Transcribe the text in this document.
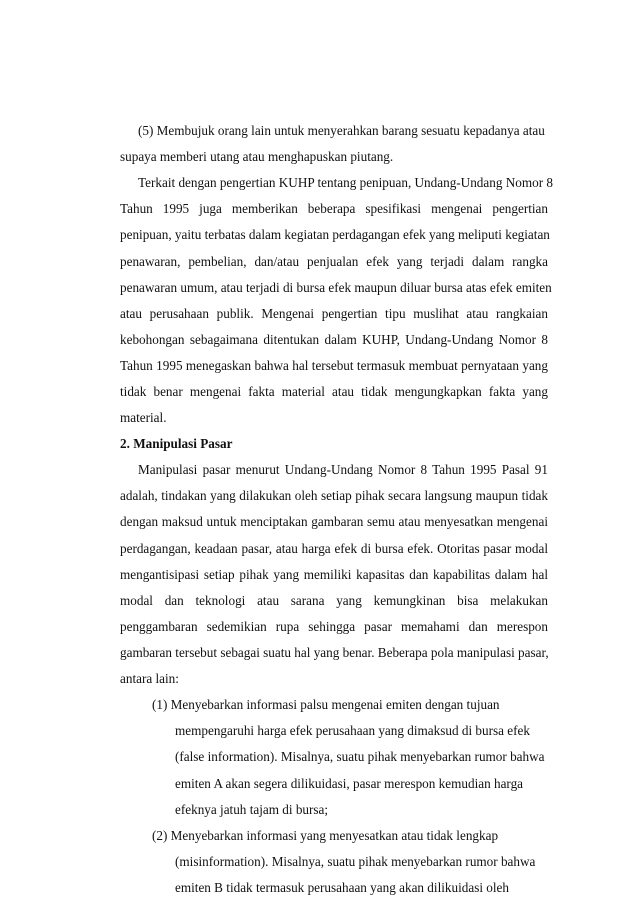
(5) Membujuk orang lain untuk menyerahkan barang sesuatu kepadanya atau

supaya memberi utang atau menghapuskan piutang.

Terkait dengan pengertian KUHP tentang penipuan, Undang-Undang Nomor 8

Tahun 1995 juga memberikan beberapa spesifikasi mengenai pengertian

penipuan, yaitu terbatas dalam kegiatan perdagangan efek yang meliputi kegiatan

penawaran, pembelian, dan/atau penjualan efek yang terjadi dalam rangka

penawaran umum, atau terjadi di bursa efek maupun diluar bursa atas efek emiten

atau perusahaan publik. Mengenai pengertian tipu muslihat atau rangkaian

kebohongan sebagaimana ditentukan dalam KUHP, Undang-Undang Nomor 8

Tahun 1995 menegaskan bahwa hal tersebut termasuk membuat pernyataan yang

tidak benar mengenai fakta material atau tidak mengungkapkan fakta yang

material.

2. Manipulasi Pasar

Manipulasi pasar menurut Undang-Undang Nomor 8 Tahun 1995 Pasal 91

adalah, tindakan yang dilakukan oleh setiap pihak secara langsung maupun tidak

dengan maksud untuk menciptakan gambaran semu atau menyesatkan mengenai

perdagangan, keadaan pasar, atau harga efek di bursa efek. Otoritas pasar modal

mengantisipasi setiap pihak yang memiliki kapasitas dan kapabilitas dalam hal

modal dan teknologi atau sarana yang kemungkinan bisa melakukan

penggambaran sedemikian rupa sehingga pasar memahami dan merespon

gambaran tersebut sebagai suatu hal yang benar. Beberapa pola manipulasi pasar,

antara lain:

(1) Menyebarkan informasi palsu mengenai emiten dengan tujuan

mempengaruhi harga efek perusahaan yang dimaksud di bursa efek

(false information). Misalnya, suatu pihak menyebarkan rumor bahwa

emiten A akan segera dilikuidasi, pasar merespon kemudian harga

efeknya jatuh tajam di bursa;

(2) Menyebarkan informasi yang menyesatkan atau tidak lengkap

(misinformation). Misalnya, suatu pihak menyebarkan rumor bahwa

emiten B tidak termasuk perusahaan yang akan dilikuidasi oleh
